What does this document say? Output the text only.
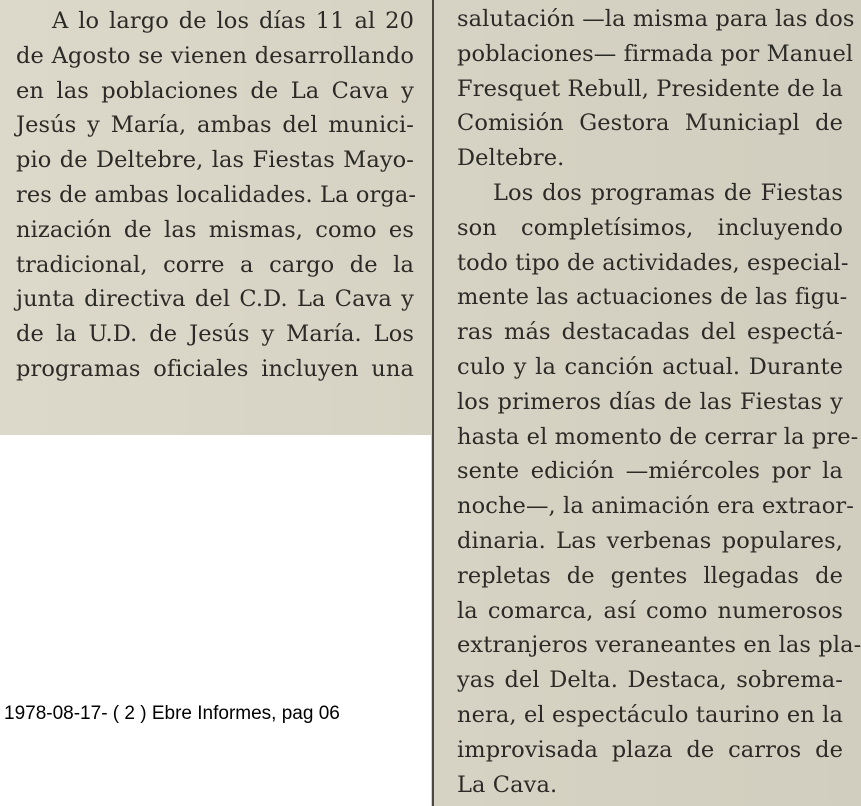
A lo largo de los días 11 al 20
de Agosto se vienen desarrollando
en las poblaciones de La Cava y
Jesús y María, ambas del munici-
pio de Deltebre, las Fiestas Mayo-
res de ambas localidades. La orga-
nización de las mismas, como es
tradicional, corre a cargo de la
junta directiva del C.D. La Cava y
de la U.D. de Jesús y María. Los
programas oficiales incluyen una
salutación —la misma para las dos
poblaciones— firmada por Manuel
Fresquet Rebull, Presidente de la
Comisión Gestora Municiapl de
Deltebre.
Los dos programas de Fiestas
son completísimos, incluyendo
todo tipo de actividades, especial-
mente las actuaciones de las figu-
ras más destacadas del espectá-
culo y la canción actual. Durante
los primeros días de las Fiestas y
hasta el momento de cerrar la pre-
sente edición —miércoles por la
noche—, la animación era extraor-
dinaria. Las verbenas populares,
repletas de gentes llegadas de
la comarca, así como numerosos
extranjeros veraneantes en las pla-
yas del Delta. Destaca, sobrema-
nera, el espectáculo taurino en la
improvisada plaza de carros de
La Cava.
1978-08-17- ( 2 ) Ebre Informes, pag 06
